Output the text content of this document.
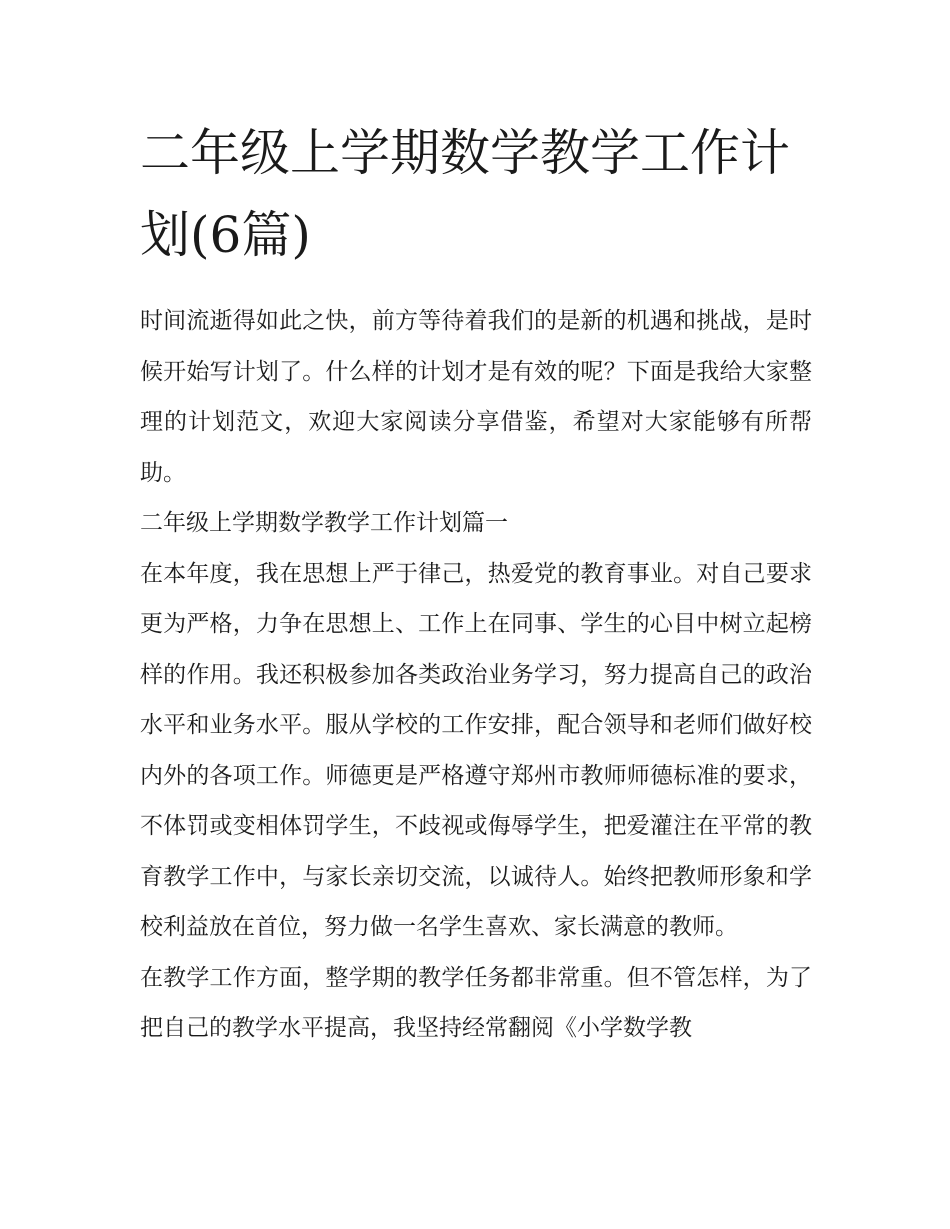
二年级上学期数学教学工作计划(6篇)

时间流逝得如此之快，前方等待着我们的是新的机遇和挑战，是时候开始写计划了。什么样的计划才是有效的呢？下面是我给大家整理的计划范文，欢迎大家阅读分享借鉴，希望对大家能够有所帮助。

二年级上学期数学教学工作计划篇一

在本年度，我在思想上严于律己，热爱党的教育事业。对自己要求更为严格，力争在思想上、工作上在同事、学生的心目中树立起榜样的作用。我还积极参加各类政治业务学习，努力提高自己的政治水平和业务水平。服从学校的工作安排，配合领导和老师们做好校内外的各项工作。师德更是严格遵守郑州市教师师德标准的要求，不体罚或变相体罚学生，不歧视或侮辱学生，把爱灌注在平常的教育教学工作中，与家长亲切交流，以诚待人。始终把教师形象和学校利益放在首位，努力做一名学生喜欢、家长满意的教师。

在教学工作方面，整学期的教学任务都非常重。但不管怎样，为了把自己的教学水平提高，我坚持经常翻阅《小学数学教
